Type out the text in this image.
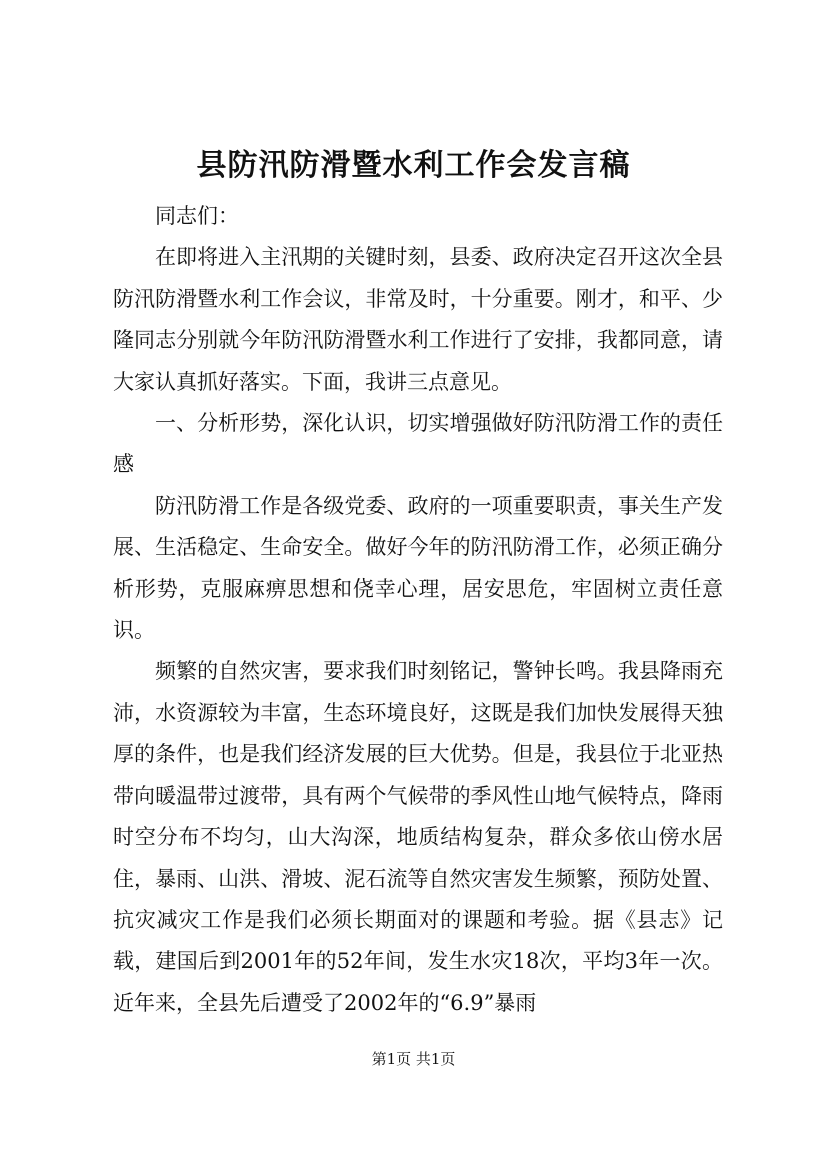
县防汛防滑暨水利工作会发言稿

同志们：

在即将进入主汛期的关键时刻，县委、政府决定召开这次全县防汛防滑暨水利工作会议，非常及时，十分重要。刚才，和平、少隆同志分别就今年防汛防滑暨水利工作进行了安排，我都同意，请大家认真抓好落实。下面，我讲三点意见。

一、分析形势，深化认识，切实增强做好防汛防滑工作的责任感

防汛防滑工作是各级党委、政府的一项重要职责，事关生产发展、生活稳定、生命安全。做好今年的防汛防滑工作，必须正确分析形势，克服麻痹思想和侥幸心理，居安思危，牢固树立责任意识。

频繁的自然灾害，要求我们时刻铭记，警钟长鸣。我县降雨充沛，水资源较为丰富，生态环境良好，这既是我们加快发展得天独厚的条件，也是我们经济发展的巨大优势。但是，我县位于北亚热带向暖温带过渡带，具有两个气候带的季风性山地气候特点，降雨时空分布不均匀，山大沟深，地质结构复杂，群众多依山傍水居住，暴雨、山洪、滑坡、泥石流等自然灾害发生频繁，预防处置、抗灾减灾工作是我们必须长期面对的课题和考验。据《县志》记载，建国后到2001年的52年间，发生水灾18次，平均3年一次。近年来，全县先后遭受了2002年的“6.9”暴雨

第1页 共1页
